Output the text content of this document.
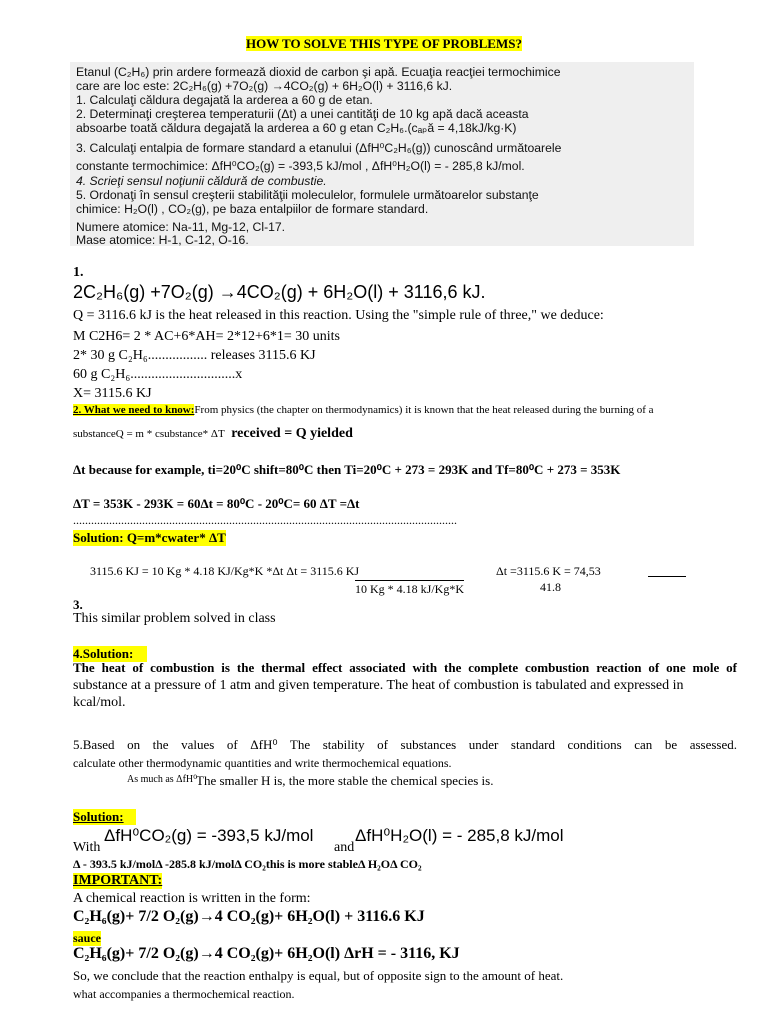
HOW TO SOLVE THIS TYPE OF PROBLEMS?
Etanul (C₂H₆) prin ardere formează dioxid de carbon şi apă. Ecuaţia reacţiei termochimice
care are loc este: 2C₂H₆(g) +7O₂(g) →4CO₂(g) + 6H₂O(l) + 3116,6 kJ.
1. Calculaţi căldura degajată la arderea a 60 g de etan.
2. Determinaţi creşterea temperaturii (Δt) a unei cantităţi de 10 kg apă dacă aceasta
absoarbe toată căldura degajată la arderea a 60 g etan C₂H₆.(cₐₚă = 4,18kJ/kg·K)
3. Calculaţi entalpia de formare standard a etanului (ΔfH⁰C₂H₆(g)) cunoscând următoarele
constante termochimice: ΔfH⁰CO₂(g) = -393,5 kJ/mol , ΔfH⁰H₂O(l) = - 285,8 kJ/mol.
4. Scrieţi sensul noţiunii căldură de combustie.
5. Ordonaţi în sensul creşterii stabilităţii moleculelor, formulele următoarelor substanţe
chimice: H₂O(l) , CO₂(g), pe baza entalpiilor de formare standard.
Numere atomice: Na-11, Mg-12, Cl-17.
Mase atomice: H-1, C-12, O-16.
1.
2C₂H₆(g) +7O₂(g) →4CO₂(g) + 6H₂O(l) + 3116,6 kJ.
Q = 3116.6 kJ is the heat released in this reaction. Using the "simple rule of three," we deduce:
M C2H6= 2 * AC+6*AH= 2*12+6*1= 30 units
2* 30 g C₂H₆................. releases 3115.6 KJ
60 g C₂H₆..............................x
X= 3115.6 KJ
2. What we need to know:From physics (the chapter on thermodynamics) it is known that the heat released during the burning of a
substanceQ = m * csubstance* ΔT received = Q yielded
Δt because for example, ti=20⁰C shift=80⁰C then Ti=20⁰C + 273 = 293K and Tf=80⁰C + 273 = 353K
ΔT = 353K - 293K = 60Δt = 80⁰C - 20⁰C= 60 ΔT =Δt
................................................................................................................................
Solution: Q=m*cwater* ΔT
3115.6 KJ = 10 Kg * 4.18 KJ/Kg*K *Δt Δt = 3115.6 KJ
10 Kg * 4.18 kJ/Kg*K
Δt =3115.6 K = 74,53
41.8
3.
This similar problem solved in class
4.Solution:
The heat of combustion is the thermal effect associated with the complete combustion reaction of one mole of
substance at a pressure of 1 atm and given temperature. The heat of combustion is tabulated and expressed in
kcal/mol.
5.Based on the values of ΔfH⁰ The stability of substances under standard conditions can be assessed.
calculate other thermodynamic quantities and write thermochemical equations.
As much as ΔfH⁰
The smaller H is, the more stable the chemical species is.
Solution:
With
ΔfH⁰CO₂(g) = -393,5 kJ/mol
and
ΔfH⁰H₂O(l) = - 285,8 kJ/mol
Δ - 393.5 kJ/molΔ -285.8 kJ/molΔ CO₂this is more stableΔ H₂OΔ CO₂
IMPORTANT:
A chemical reaction is written in the form:
C₂H₆(g)+ 7/2 O₂(g)→4 CO₂(g)+ 6H₂O(l) + 3116.6 KJ
sauce
C₂H₆(g)+ 7/2 O₂(g)→4 CO₂(g)+ 6H₂O(l) ΔrH = - 3116, KJ
So, we conclude that the reaction enthalpy is equal, but of opposite sign to the amount of heat.
what accompanies a thermochemical reaction.
